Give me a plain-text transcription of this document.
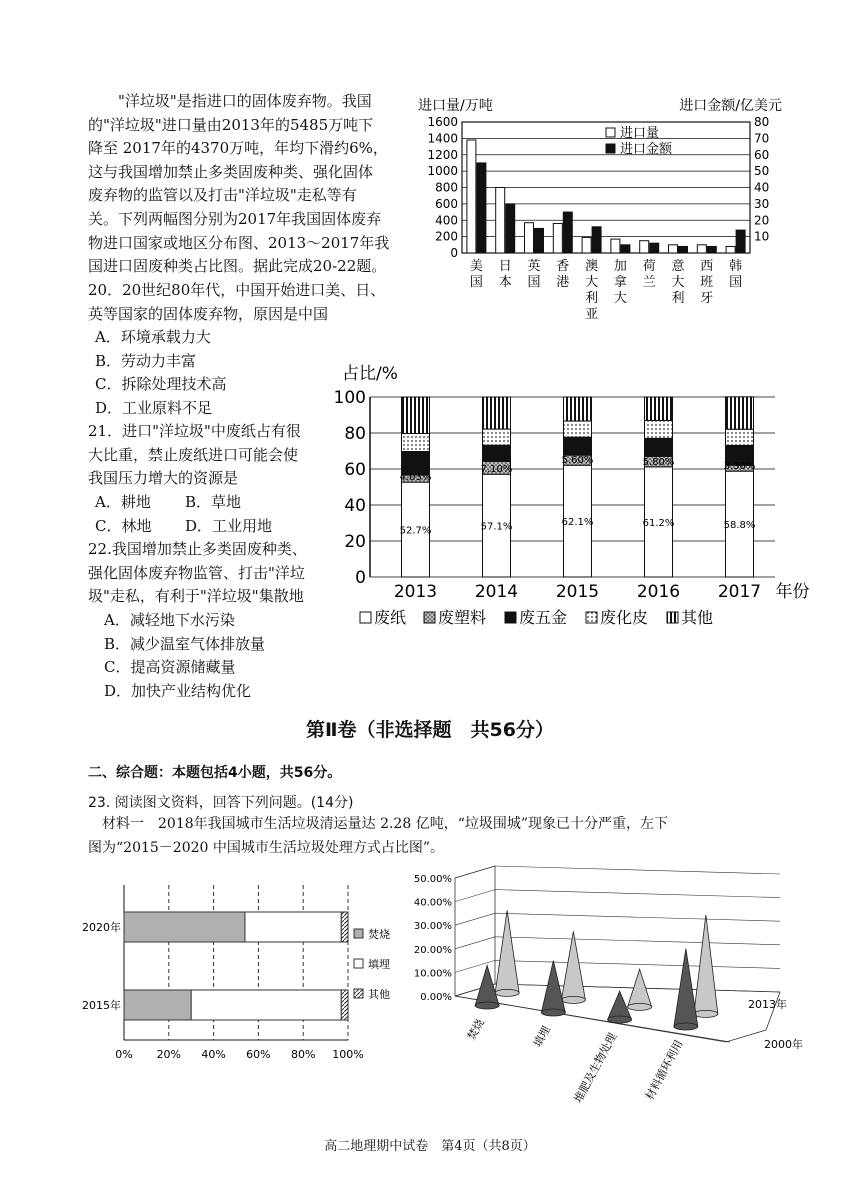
"洋垃圾"是指进口的固体废弃物。我国
的"洋垃圾"进口量由2013年的5485万吨下
降至 2017年的4370万吨，年均下滑约6%，
这与我国增加禁止多类固废种类、强化固体
废弃物的监管以及打击"洋垃圾"走私等有
关。下列两幅图分别为2017年我国固体废弃
物进口国家或地区分布图、2013～2017年我
国进口固废种类占比图。据此完成20-22题。
20．20世纪80年代，中国开始进口美、日、
英等国家的固体废弃物，原因是中国
A．环境承载力大
B．劳动力丰富
C．拆除处理技术高
D．工业原料不足
21．进口"洋垃圾"中废纸占有很
大比重，禁止废纸进口可能会使
我国压力增大的资源是
A．耕地 B．草地
C．林地 D．工业用地
22.我国增加禁止多类固废种类、
强化固体废弃物监管、打击"洋垃
圾"走私，有利于"洋垃圾"集散地
A．减轻地下水污染
B．减少温室气体排放量
C．提高资源储藏量
D．加快产业结构优化
进口量/万吨	进口金额/亿美元
0
200
400
600
800
1000
1200
1400
1600
10
20
30
40
50
60
70
80
美
国
日
本
英
国
香
港
澳
大
利
亚
加
拿
大
荷
兰
意
大
利
西
班
牙
韩
国
进口量
进口金额
占比/%
0
20
40
60
80
100
52.7%
4.03%
2013
57.1%
7.10%
2014
62.1%
5.60%
2015
61.2%
5.80%
2016
58.8%
3.30%
2017 年份
废纸 废塑料 废五金 废化皮 其他
第Ⅱ卷（非选择题　共56分）
二、综合题：本题包括4小题，共56分。
23. 阅读图文资料，回答下列问题。(14分)
材料一　2018年我国城市生活垃圾清运量达 2.28 亿吨，“垃圾围城”现象已十分严重，左下
图为“2015－2020 中国城市生活垃圾处理方式占比图”。
0% 20% 40% 60% 80% 100%
2020年
2015年
焚烧
填埋
其他	0.00%
10.00%
20.00%
30.00%
40.00%
50.00%
2013年
2000年
焚烧	填埋 堆肥及生物处理 材料循环利用
高二地理期中试卷　第4页（共8页）
